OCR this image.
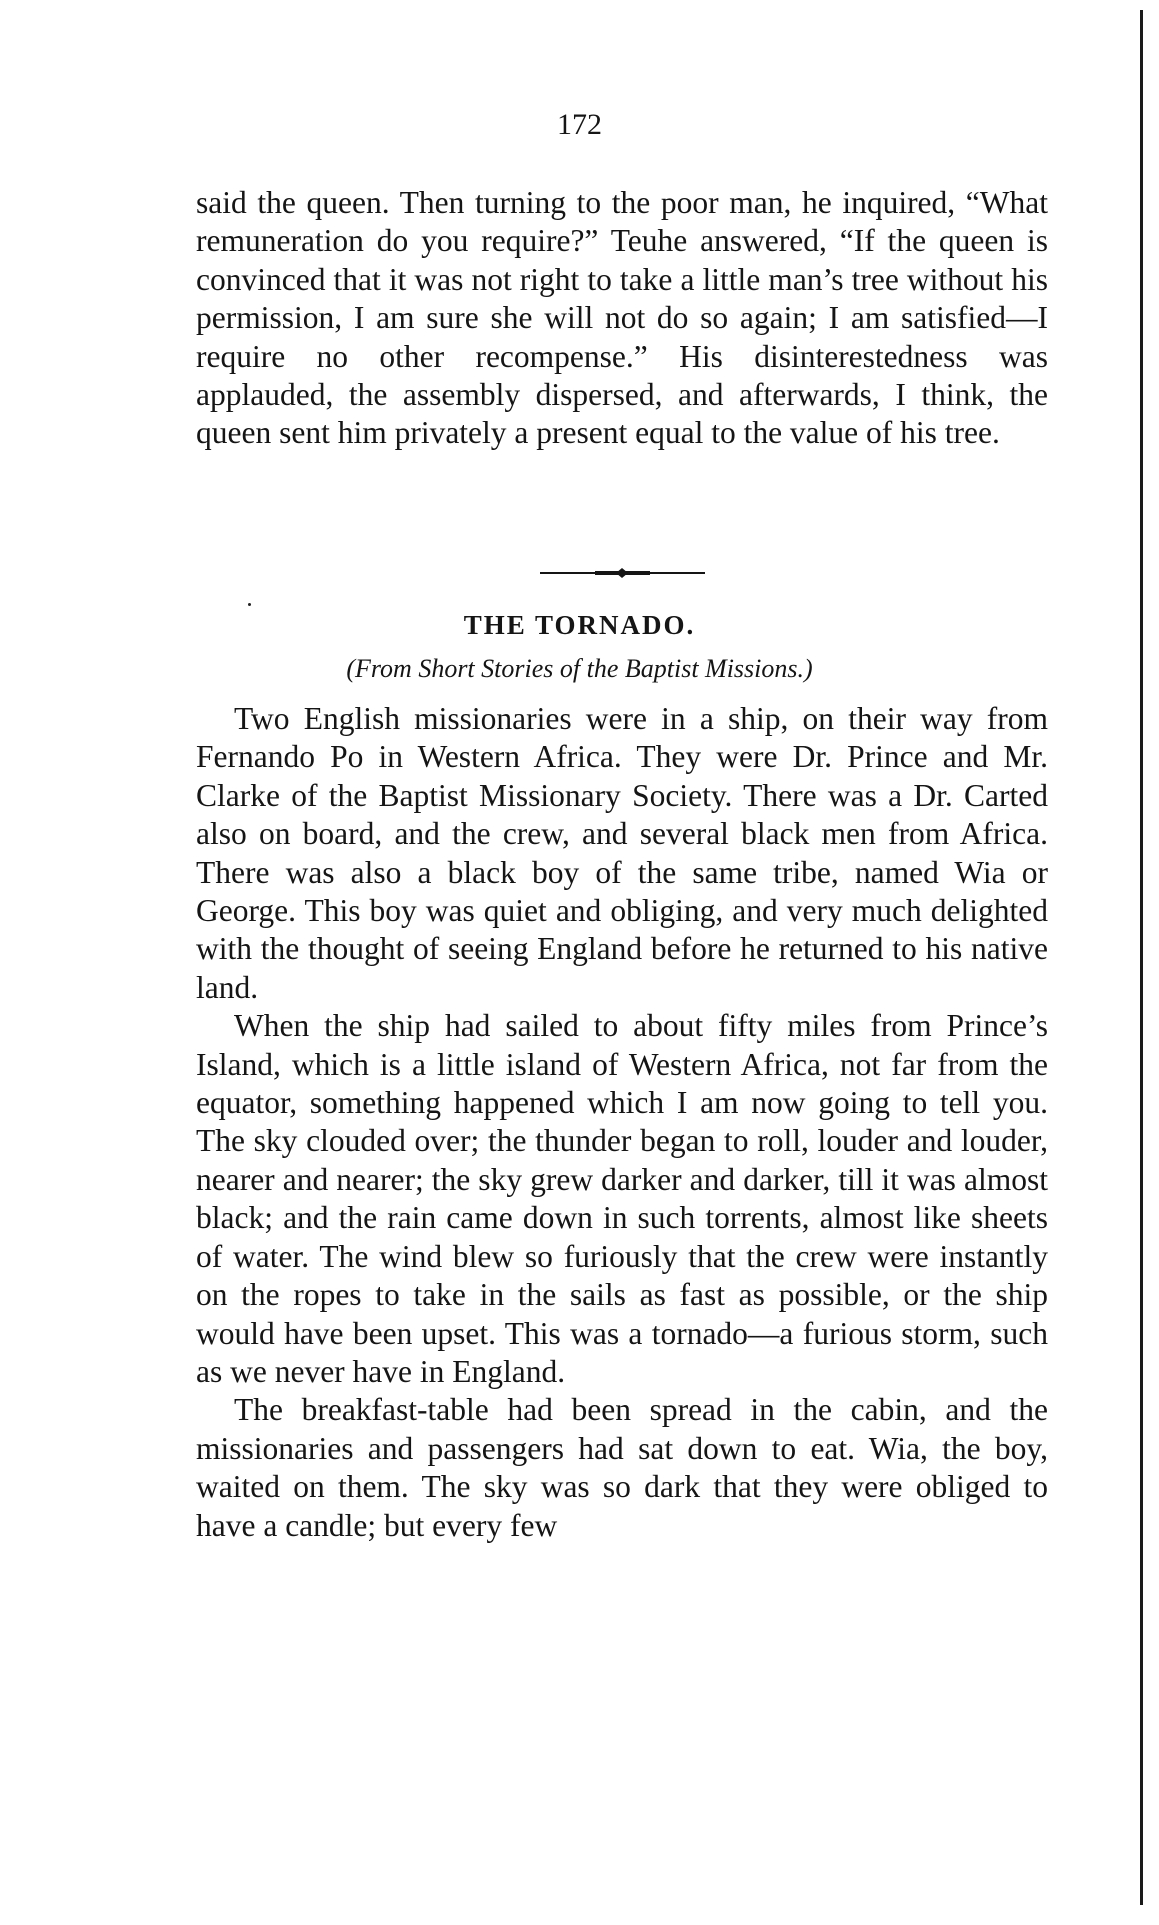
172

said the queen. Then turning to the poor man, he inquired, “What remuneration do you require?” Teuhe answered, “If the queen is convinced that it was not right to take a little man’s tree without his permission, I am sure she will not do so again; I am satisfied—I require no other recompense.” His disinterestedness was applauded, the assembly dispersed, and afterwards, I think, the queen sent him privately a present equal to the value of his tree.

THE TORNADO.
(From Short Stories of the Baptist Missions.)

Two English missionaries were in a ship, on their way from Fernando Po in Western Africa. They were Dr. Prince and Mr. Clarke of the Baptist Missionary Society. There was a Dr. Carted also on board, and the crew, and several black men from Africa. There was also a black boy of the same tribe, named Wia or George. This boy was quiet and obliging, and very much delighted with the thought of seeing England before he returned to his native land.

When the ship had sailed to about fifty miles from Prince’s Island, which is a little island of Western Africa, not far from the equator, something happened which I am now going to tell you. The sky clouded over; the thunder began to roll, louder and louder, nearer and nearer; the sky grew darker and darker, till it was almost black; and the rain came down in such torrents, almost like sheets of water. The wind blew so furiously that the crew were instantly on the ropes to take in the sails as fast as possible, or the ship would have been upset. This was a tornado—a furious storm, such as we never have in England.

The breakfast-table had been spread in the cabin, and the missionaries and passengers had sat down to eat. Wia, the boy, waited on them. The sky was so dark that they were obliged to have a candle; but every few
